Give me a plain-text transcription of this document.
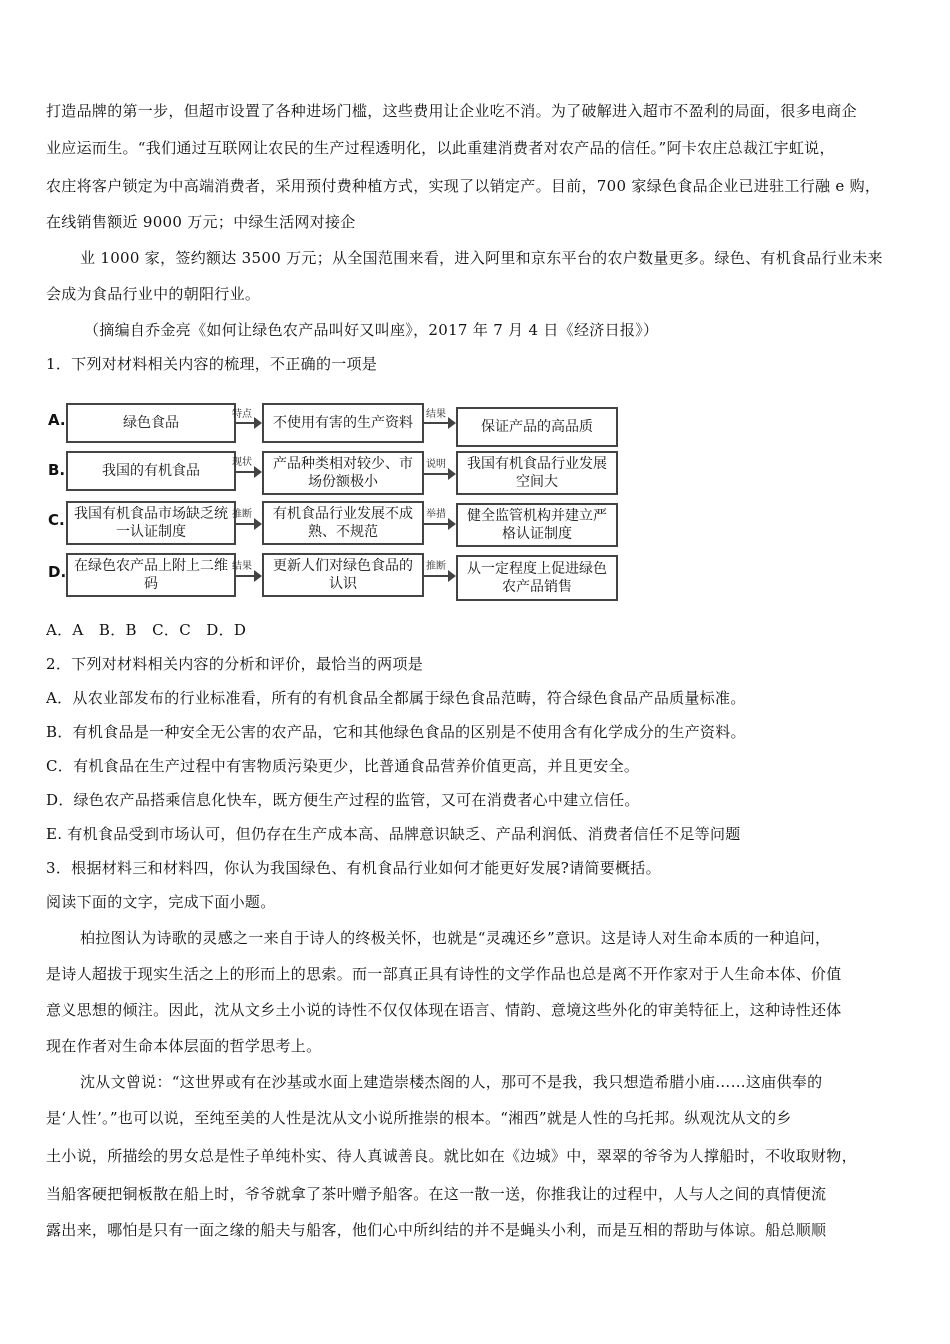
打造品牌的第一步，但超市设置了各种进场门槛，这些费用让企业吃不消。为了破解进入超市不盈利的局面，很多电商企
业应运而生。“我们通过互联网让农民的生产过程透明化，以此重建消费者对农产品的信任。”阿卡农庄总裁江宇虹说，
农庄将客户锁定为中高端消费者，采用预付费种植方式，实现了以销定产。目前，700 家绿色食品企业已进驻工行融 e 购，
在线销售额近 9000 万元；中绿生活网对接企
业 1000 家，签约额达 3500 万元；从全国范围来看，进入阿里和京东平台的农户数量更多。绿色、有机食品行业未来
会成为食品行业中的朝阳行业。
（摘编自乔金亮《如何让绿色农产品叫好又叫座》，2017 年 7 月 4 日《经济日报》）
1．下列对材料相关内容的梳理，不正确的一项是
A.	绿色食品
特点
不使用有害的生产资料
结果
保证产品的高品质
B.	我国的有机食品
现状	产品种类相对较少、市场份额极小
说明	我国有机食品行业发展空间大
C. 我国有机食品市场缺乏统一认证制度
推断	有机食品行业发展不成熟、不规范
举措	健全监管机构并建立严格认证制度
D. 在绿色农产品上附上二维码
结果	更新人们对绿色食品的认识
推断	从一定程度上促进绿色农产品销售
A．A　B．B　C．C　D．D
2．下列对材料相关内容的分析和评价，最恰当的两项是
A．从农业部发布的行业标准看，所有的有机食品全都属于绿色食品范畴，符合绿色食品产品质量标准。
B．有机食品是一种安全无公害的农产品，它和其他绿色食品的区别是不使用含有化学成分的生产资料。
C．有机食品在生产过程中有害物质污染更少，比普通食品营养价值更高，并且更安全。
D．绿色农产品搭乘信息化快车，既方便生产过程的监管，又可在消费者心中建立信任。
E. 有机食品受到市场认可，但仍存在生产成本高、品牌意识缺乏、产品利润低、消费者信任不足等问题
3．根据材料三和材料四，你认为我国绿色、有机食品行业如何才能更好发展?请简要概括。
阅读下面的文字，完成下面小题。
柏拉图认为诗歌的灵感之一来自于诗人的终极关怀，也就是“灵魂还乡”意识。这是诗人对生命本质的一种追问，
是诗人超拔于现实生活之上的形而上的思索。而一部真正具有诗性的文学作品也总是离不开作家对于人生命本体、价值
意义思想的倾注。因此，沈从文乡土小说的诗性不仅仅体现在语言、情韵、意境这些外化的审美特征上，这种诗性还体
现在作者对生命本体层面的哲学思考上。
沈从文曾说：“这世界或有在沙基或水面上建造崇楼杰阁的人，那可不是我，我只想造希腊小庙……这庙供奉的
是‘人性’。”也可以说，至纯至美的人性是沈从文小说所推崇的根本。“湘西”就是人性的乌托邦。纵观沈从文的乡
土小说，所描绘的男女总是性子单纯朴实、待人真诚善良。就比如在《边城》中，翠翠的爷爷为人撑船时，不收取财物，
当船客硬把铜板散在船上时，爷爷就拿了茶叶赠予船客。在这一散一送，你推我让的过程中，人与人之间的真情便流
露出来，哪怕是只有一面之缘的船夫与船客，他们心中所纠结的并不是蝇头小利，而是互相的帮助与体谅。船总顺顺
